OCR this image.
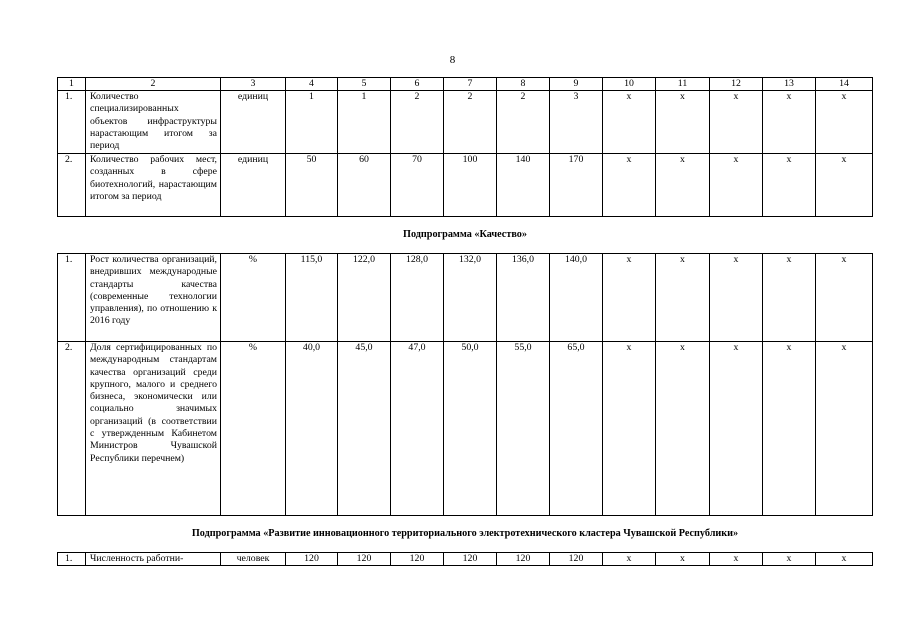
8
1	2	3	4	5	6	7	8	9	10	11	12	13	14
1.	Количество специализированных объектов инфраструктуры нарастающим итогом за период	единиц	1	1	2	2	2	3	x	x	x	x	x
2.	Количество рабочих мест, созданных в сфере биотехнологий, нарастающим итогом за период	единиц	50	60	70	100	140	170	x	x	x	x	x
Подпрограмма «Качество»													
1.	Рост количества организаций, внедривших международные стандарты качества (современные технологии управления), по отношению к 2016 году	%	115,0	122,0	128,0	132,0	136,0	140,0	x	x	x	x	x
2.	Доля сертифицированных по международным стандартам качества организаций среди крупного, малого и среднего бизнеса, экономически или социально значимых организаций (в соответствии с утвержденным Кабинетом Министров Чувашской Республики перечнем)	%	40,0	45,0	47,0	50,0	55,0	65,0	x	x	x	x	x
Подпрограмма «Развитие инновационного территориального электротехнического кластера Чувашской Республики»													
1.	Численность работни-	человек	120	120	120	120	120	120	x	x	x	x	x
